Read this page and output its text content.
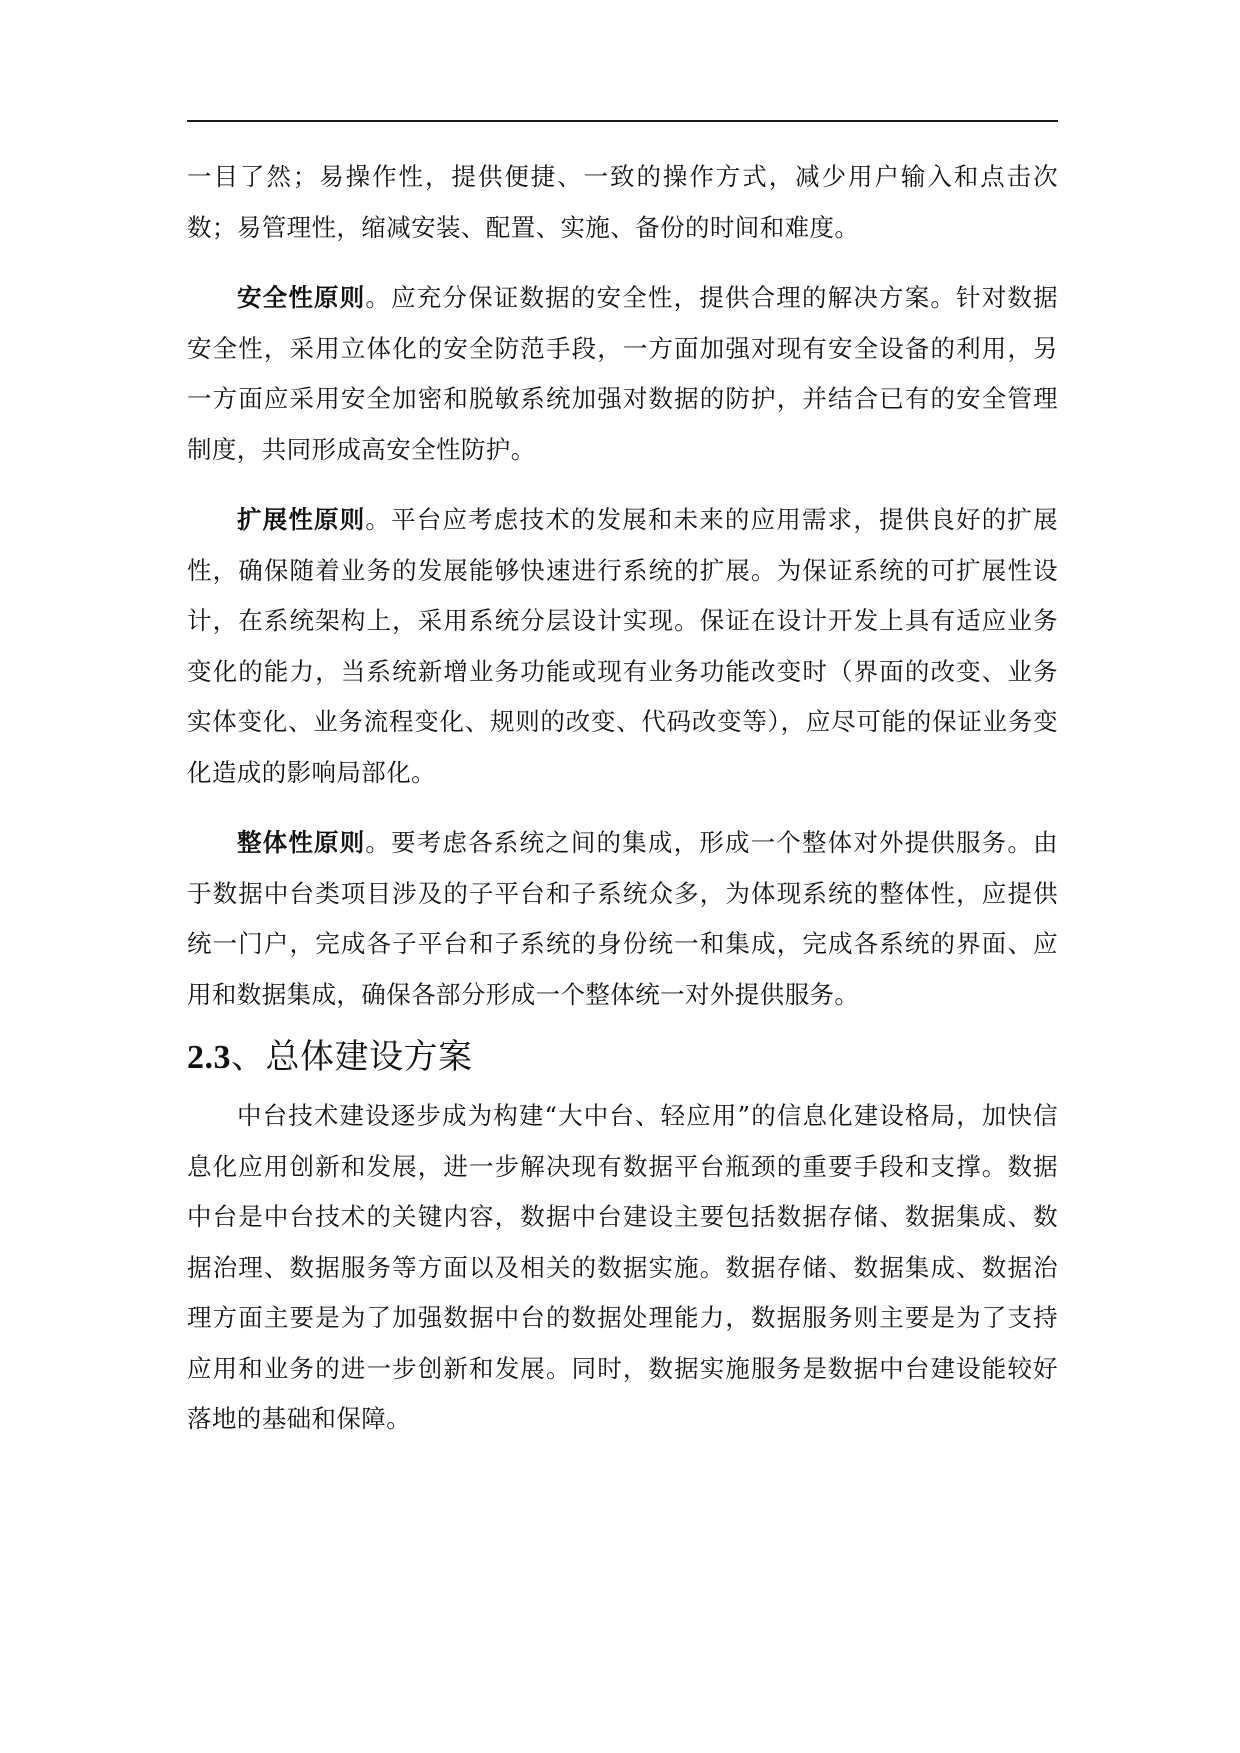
一目了然；易操作性，提供便捷、一致的操作方式，减少用户输入和点击次数；易管理性，缩减安装、配置、实施、备份的时间和难度。

安全性原则。应充分保证数据的安全性，提供合理的解决方案。针对数据安全性，采用立体化的安全防范手段，一方面加强对现有安全设备的利用，另一方面应采用安全加密和脱敏系统加强对数据的防护，并结合已有的安全管理制度，共同形成高安全性防护。

扩展性原则。平台应考虑技术的发展和未来的应用需求，提供良好的扩展性，确保随着业务的发展能够快速进行系统的扩展。为保证系统的可扩展性设计，在系统架构上，采用系统分层设计实现。保证在设计开发上具有适应业务变化的能力，当系统新增业务功能或现有业务功能改变时（界面的改变、业务实体变化、业务流程变化、规则的改变、代码改变等），应尽可能的保证业务变化造成的影响局部化。

整体性原则。要考虑各系统之间的集成，形成一个整体对外提供服务。由于数据中台类项目涉及的子平台和子系统众多，为体现系统的整体性，应提供统一门户，完成各子平台和子系统的身份统一和集成，完成各系统的界面、应用和数据集成，确保各部分形成一个整体统一对外提供服务。

2.3、总体建设方案

中台技术建设逐步成为构建“大中台、轻应用”的信息化建设格局，加快信息化应用创新和发展，进一步解决现有数据平台瓶颈的重要手段和支撑。数据中台是中台技术的关键内容，数据中台建设主要包括数据存储、数据集成、数据治理、数据服务等方面以及相关的数据实施。数据存储、数据集成、数据治理方面主要是为了加强数据中台的数据处理能力，数据服务则主要是为了支持应用和业务的进一步创新和发展。同时，数据实施服务是数据中台建设能较好落地的基础和保障。
